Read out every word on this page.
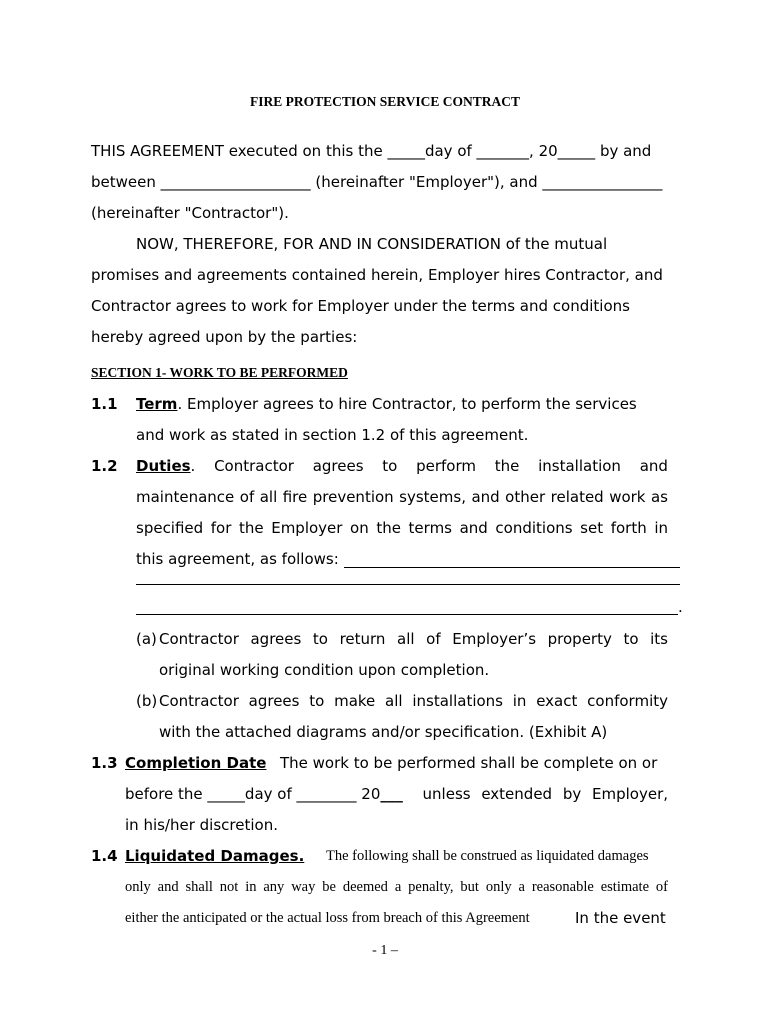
FIRE PROTECTION SERVICE CONTRACT
THIS AGREEMENT executed on this the _____day of _______, 20_____ by and
between ____________________ (hereinafter "Employer"), and ________________
(hereinafter "Contractor").
NOW, THEREFORE, FOR AND IN CONSIDERATION of the mutual
promises and agreements contained herein, Employer hires Contractor, and
Contractor agrees to work for Employer under the terms and conditions
hereby agreed upon by the parties:
SECTION 1- WORK TO BE PERFORMED
1.1 Term. Employer agrees to hire Contractor, to perform the services
and work as stated in section 1.2 of this agreement.
1.2 Duties. Contractor agrees to perform the installation and
maintenance of all fire prevention systems, and other related work as
specified for the Employer on the terms and conditions set forth in
this agreement, as follows:
.
(a) Contractor agrees to return all of Employer’s property to its
original working condition upon completion.
(b) Contractor agrees to make all installations in exact conformity
with the attached diagrams and/or specification. (Exhibit A)
1.3 Completion Date The work to be performed shall be complete on or
before the _____day of ________ 20___ unless extended by Employer,
in his/her discretion.
1.4 Liquidated Damages. The following shall be construed as liquidated damages
only and shall not in any way be deemed a penalty, but only a reasonable estimate of
either the anticipated or the actual loss from breach of this Agreement	In the event
- 1 –
